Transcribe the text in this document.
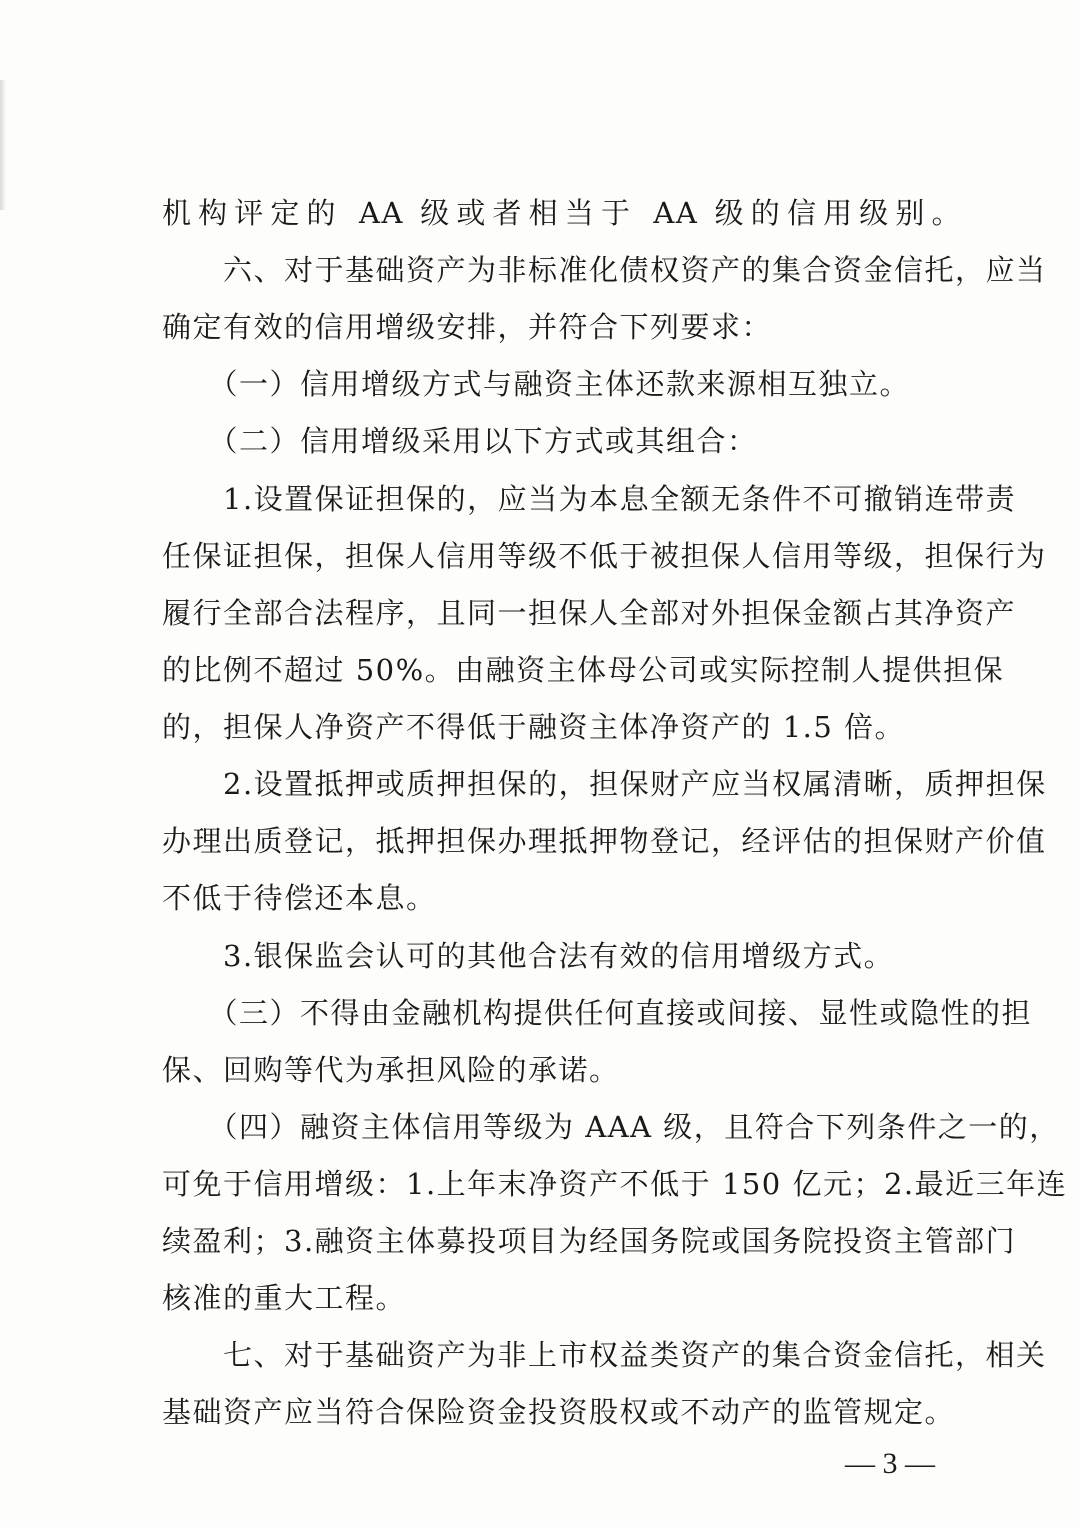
机构评定的 AA 级或者相当于 AA 级的信用级别。
　　六、对于基础资产为非标准化债权资产的集合资金信托，应当
确定有效的信用增级安排，并符合下列要求：
　　（一）信用增级方式与融资主体还款来源相互独立。
　　（二）信用增级采用以下方式或其组合：
　　1.设置保证担保的，应当为本息全额无条件不可撤销连带责
任保证担保，担保人信用等级不低于被担保人信用等级，担保行为
履行全部合法程序，且同一担保人全部对外担保金额占其净资产
的比例不超过 50%。由融资主体母公司或实际控制人提供担保
的，担保人净资产不得低于融资主体净资产的 1.5 倍。
　　2.设置抵押或质押担保的，担保财产应当权属清晰，质押担保
办理出质登记，抵押担保办理抵押物登记，经评估的担保财产价值
不低于待偿还本息。
　　3.银保监会认可的其他合法有效的信用增级方式。
　　（三）不得由金融机构提供任何直接或间接、显性或隐性的担
保、回购等代为承担风险的承诺。
　　（四）融资主体信用等级为 AAA 级，且符合下列条件之一的，
可免于信用增级：1.上年末净资产不低于 150 亿元；2.最近三年连
续盈利；3.融资主体募投项目为经国务院或国务院投资主管部门
核准的重大工程。
　　七、对于基础资产为非上市权益类资产的集合资金信托，相关
基础资产应当符合保险资金投资股权或不动产的监管规定。
— 3 —
